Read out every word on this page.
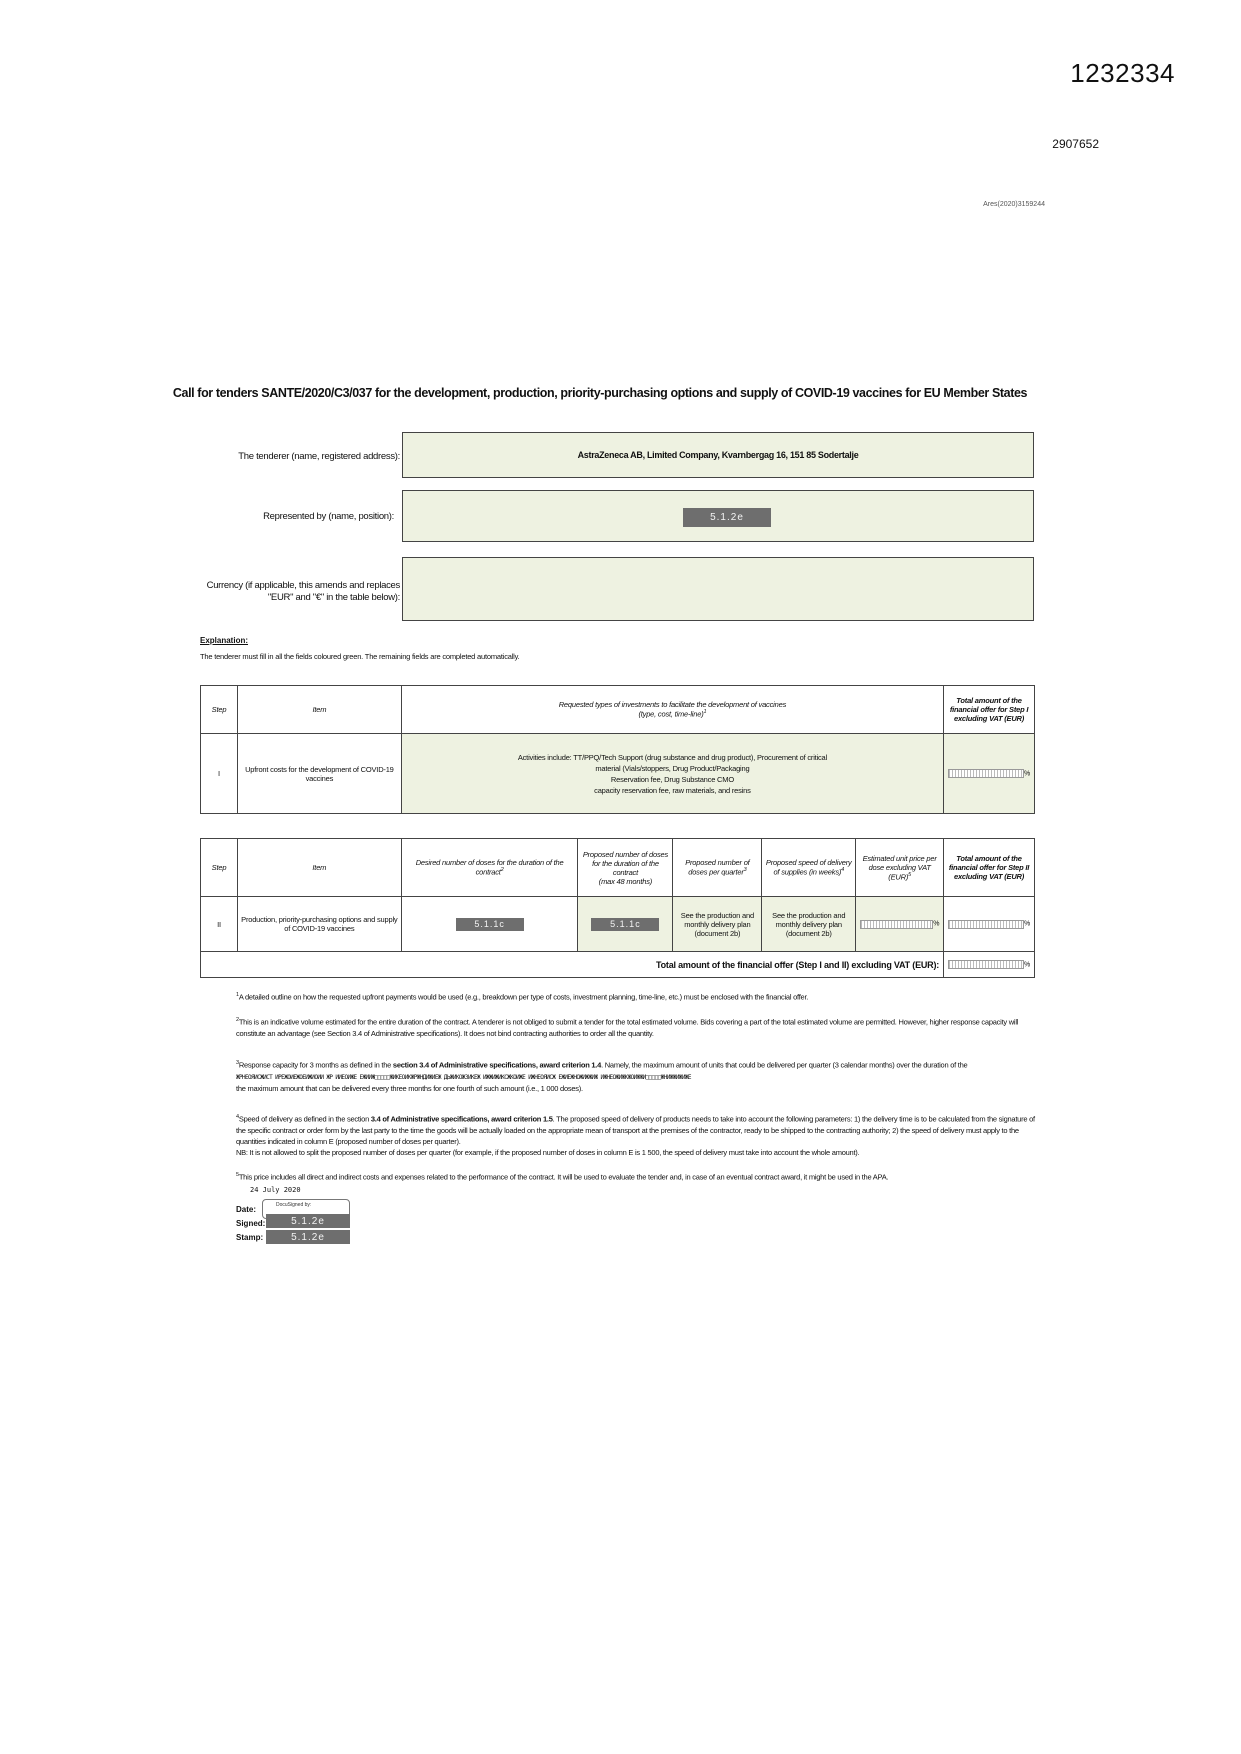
1232334
2907652
Ares(2020)3159244
Call for tenders SANTE/2020/C3/037 for the development, production, priority-purchasing options and supply of COVID-19 vaccines for EU Member States
The tenderer (name, registered address):	AstraZeneca AB, Limited Company, Kvarnbergag 16, 151 85 Sodertalje
Represented by (name, position):	5.1.2e
Currency (if applicable, this amends and replaces
"EUR" and "€" in the table below):
Explanation:
The tenderer must fill in all the fields coloured green. The remaining fields are completed automatically.
Step	Item	Requested types of investments to facilitate the development of vaccines
(type, cost, time-line)$^1$	Total amount of the financial offer for Step I excluding VAT (EUR)
I	Upfront costs for the development of COVID-19 vaccines	Activities include: TT/PPQ/Tech Support (drug substance and drug product), Procurement of critical
material (Vials/stoppers, Drug Product/Packaging
Reservation fee, Drug Substance CMO
capacity reservation fee, raw materials, and resins	%
Step	Item	Desired number of doses for the duration of the contract$^2$	Proposed number of doses for the duration of the contract
(max 48 months)	Proposed number of doses per quarter$^3$	Proposed speed of delivery of supplies (in weeks)$^4$	Estimated unit price per dose excluding VAT (EUR)$^5$	Total amount of the financial offer for Step II excluding VAT (EUR)
II	Production, priority-purchasing options and supply of COVID-19 vaccines	5.1.1c	5.1.1c	See the production and monthly delivery plan (document 2b)	See the production and monthly delivery plan (document 2b)	%	%
Total amount of the financial offer (Step I and II) excluding VAT (EUR):							%
$^1$A detailed outline on how the requested upfront payments would be used (e.g., breakdown per type of costs, investment planning, time-line, etc.) must be enclosed with the financial offer.
$^2$This is an indicative volume estimated for the entire duration of the contract. A tenderer is not obliged to submit a tender for the total estimated volume. Bids covering a part of the total estimated volume are permitted. However, higher response capacity will constitute an advantage (see Section 3.4 of Administrative specifications). It does not bind contracting authorities to order all the quantity.
$^3$Response capacity for 3 months as defined in the section 3.4 of Administrative specifications, award criterion 1.4. Namely, the maximum amount of units that could be delivered per quarter (3 calendar months) over the duration of the
ЖРНЕОЯИСЖИСТ ИРЕЖОИЕЖОЕИЖИОИИ ЖР ИИЕОИЖЕ ЕЖИИЖ□□□□□ЖИКЕОИКЖРЖНДИЖИЕЖ ДЬЖИКОЖЗИКЕЖ ИЖЖИЖИКСЖКОИЖЕ ИЖНЕОЯИСЖ ЕЖИЕЖНОЖИЖЖИЖ ИЖНЕОЖИЖКЖОИЖЖИ□□□□□ЖНИЖЖИЖИЖЕ
the maximum amount that can be delivered every three months for one fourth of such amount (i.e., 1 000 doses).
$^4$Speed of delivery as defined in the section 3.4 of Administrative specifications, award criterion 1.5. The proposed speed of delivery of products needs to take into account the following parameters: 1) the delivery time is to be calculated from the signature of the specific contract or order form by the last party to the time the goods will be actually loaded on the appropriate mean of transport at the premises of the contractor, ready to be shipped to the contracting authority; 2) the speed of delivery must apply to the quantities indicated in column E (proposed number of doses per quarter).
NB: It is not allowed to split the proposed number of doses per quarter (for example, if the proposed number of doses in column E is 1 500, the speed of delivery must take into account the whole amount).
$^5$This price includes all direct and indirect costs and expenses related to the performance of the contract. It will be used to evaluate the tender and, in case of an eventual contract award, it might be used in the APA.
24 July 2020
Date:	DocuSigned by:
Signed:	5.1.2e
Stamp:	5.1.2e
